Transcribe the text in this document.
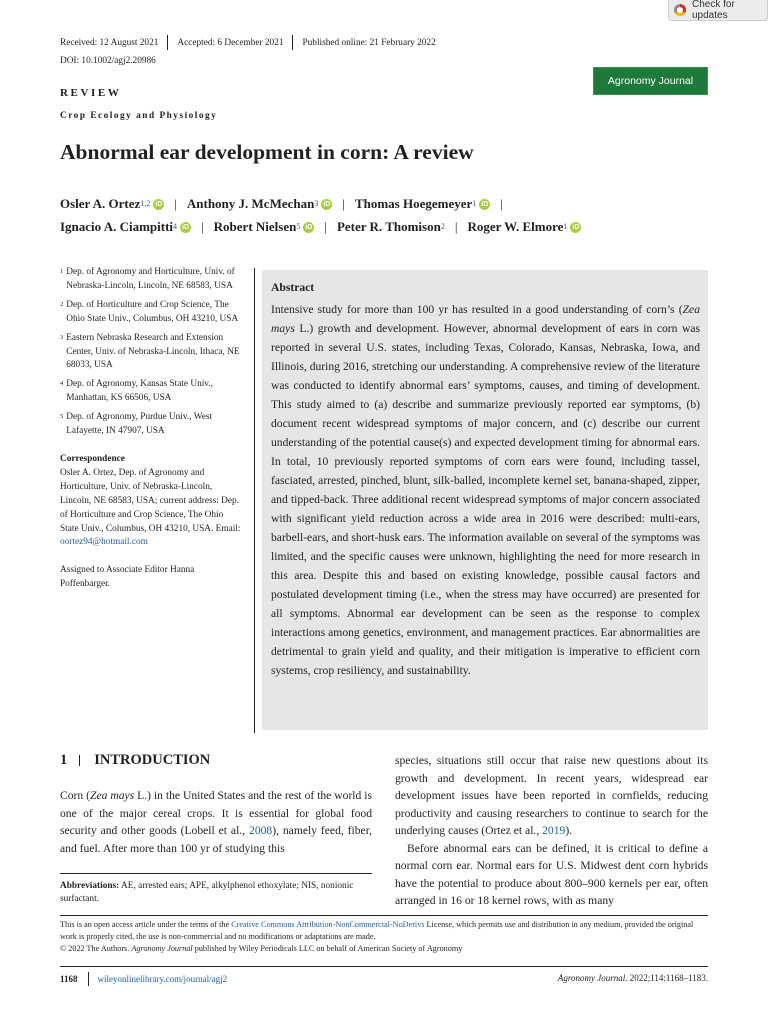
Check for updates
Received: 12 August 2021 Accepted: 6 December 2021 Published online: 21 February 2022
DOI: 10.1002/agj2.20986
Agronomy Journal
REVIEW
Crop Ecology and Physiology
Abnormal ear development in corn: A review
Osler A. Ortez$^{1,2}$ iD | Anthony J. McMechan$^3$ iD | Thomas Hoegemeyer$^1$ iD |
Ignacio A. Ciampitti$^4$ iD | Robert Nielsen$^5$ iD | Peter R. Thomison$^2$ | Roger W. Elmore$^1$ iD
$^1$ Dep. of Agronomy and Horticulture, Univ. of Nebraska-Lincoln, Lincoln, NE 68583, USA
$^2$ Dep. of Horticulture and Crop Science, The Ohio State Univ., Columbus, OH 43210, USA
$^3$ Eastern Nebraska Research and Extension Center, Univ. of Nebraska-Lincoln, Ithaca, NE 68033, USA
$^4$ Dep. of Agronomy, Kansas State Univ., Manhattan, KS 66506, USA
$^5$ Dep. of Agronomy, Purdue Univ., West Lafayette, IN 47907, USA
Correspondence
Osler A. Ortez, Dep. of Agronomy and Horticulture, Univ. of Nebraska-Lincoln, Lincoln, NE 68583, USA; current address: Dep. of Horticulture and Crop Science, The Ohio State Univ., Columbus, OH 43210, USA. Email: oortez94@hotmail.com
Assigned to Associate Editor Hanna Poffenbarger.
Abstract
Intensive study for more than 100 yr has resulted in a good understanding of corn’s (Zea mays L.) growth and development. However, abnormal development of ears in corn was reported in several U.S. states, including Texas, Colorado, Kansas, Nebraska, Iowa, and Illinois, during 2016, stretching our understanding. A comprehensive review of the literature was conducted to identify abnormal ears’ symptoms, causes, and timing of development. This study aimed to (a) describe and summarize previously reported ear symptoms, (b) document recent widespread symptoms of major concern, and (c) describe our current understanding of the potential cause(s) and expected development timing for abnormal ears. In total, 10 previously reported symptoms of corn ears were found, including tassel, fasciated, arrested, pinched, blunt, silk-balled, incomplete kernel set, banana-shaped, zipper, and tipped-back. Three additional recent widespread symptoms of major concern associated with significant yield reduction across a wide area in 2016 were described: multi-ears, barbell-ears, and short-husk ears. The information available on several of the symptoms was limited, and the specific causes were unknown, highlighting the need for more research in this area. Despite this and based on existing knowledge, possible causal factors and postulated development timing (i.e., when the stress may have occurred) are presented for all symptoms. Abnormal ear development can be seen as the response to complex interactions among genetics, environment, and management practices. Ear abnormalities are detrimental to grain yield and quality, and their mitigation is imperative to efficient corn systems, crop resiliency, and sustainability.
1 INTRODUCTION
Corn (Zea mays L.) in the United States and the rest of the world is one of the major cereal crops. It is essential for global food security and other goods (Lobell et al., 2008), namely feed, fiber, and fuel. After more than 100 yr of studying this
species, situations still occur that raise new questions about its growth and development. In recent years, widespread ear development issues have been reported in cornfields, reducing productivity and causing researchers to continue to search for the underlying causes (Ortez et al., 2019).
Before abnormal ears can be defined, it is critical to define a normal corn ear. Normal ears for U.S. Midwest dent corn hybrids have the potential to produce about 800–900 kernels per ear, often arranged in 16 or 18 kernel rows, with as many
Abbreviations: AE, arrested ears; APE, alkylphenol ethoxylate; NIS, nonionic surfactant.
This is an open access article under the terms of the Creative Commons Attribution-NonCommercial-NoDerivs License, which permits use and distribution in any medium, provided the original work is properly cited, the use is non-commercial and no modifications or adaptations are made.
© 2022 The Authors. Agronomy Journal published by Wiley Periodicals LLC on behalf of American Society of Agronomy
1168 wileyonlinelibrary.com/journal/agj2	Agronomy Journal. 2022;114:1168–1183.
